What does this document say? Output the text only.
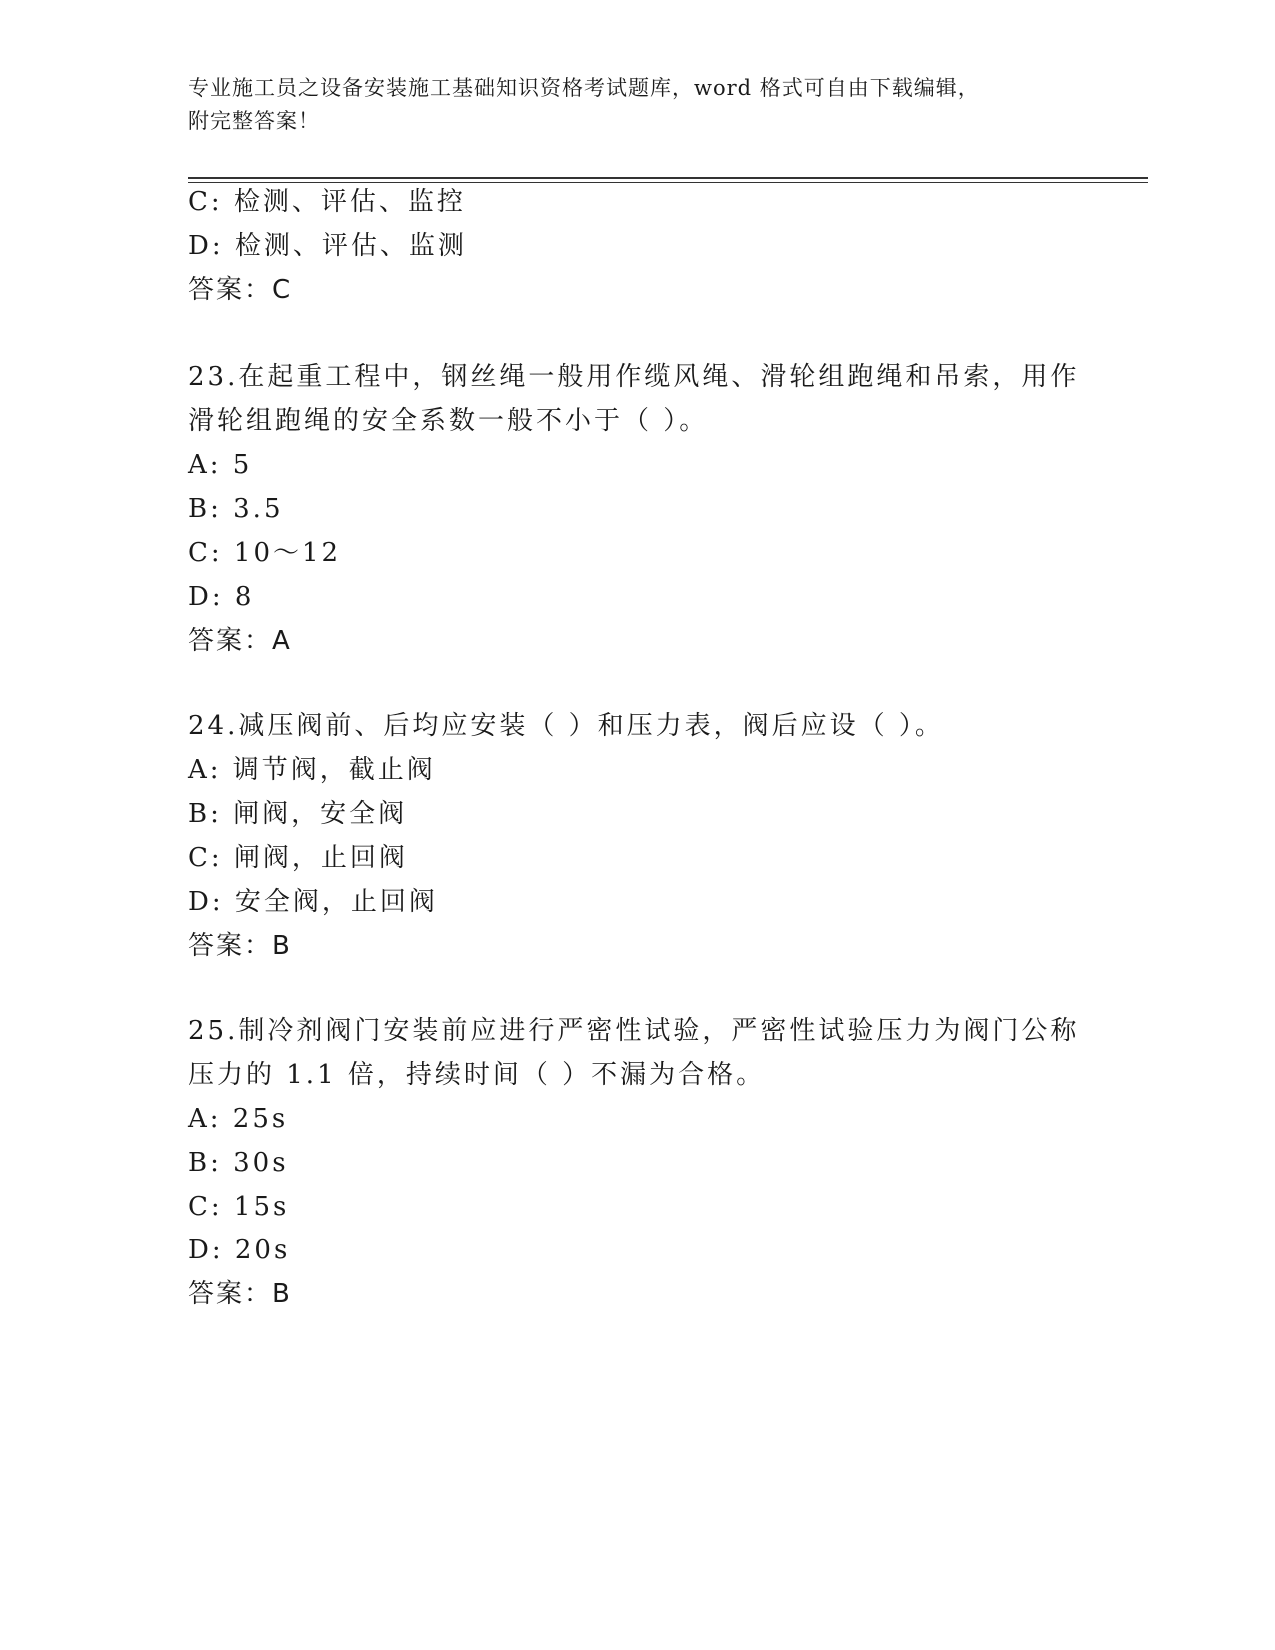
专业施工员之设备安装施工基础知识资格考试题库，word 格式可自由下载编辑，
附完整答案！
C: 检测、评估、监控
D: 检测、评估、监测
答案：C
23.在起重工程中，钢丝绳一般用作缆风绳、滑轮组跑绳和吊索，用作
滑轮组跑绳的安全系数一般不小于（ ）。
A: 5
B: 3.5
C: 10～12
D: 8
答案：A
24.减压阀前、后均应安装（ ）和压力表，阀后应设（ ）。
A: 调节阀，截止阀
B: 闸阀，安全阀
C: 闸阀，止回阀
D: 安全阀，止回阀
答案：B
25.制冷剂阀门安装前应进行严密性试验，严密性试验压力为阀门公称
压力的 1.1 倍，持续时间（ ）不漏为合格。
A: 25s
B: 30s
C: 15s
D: 20s
答案：B
